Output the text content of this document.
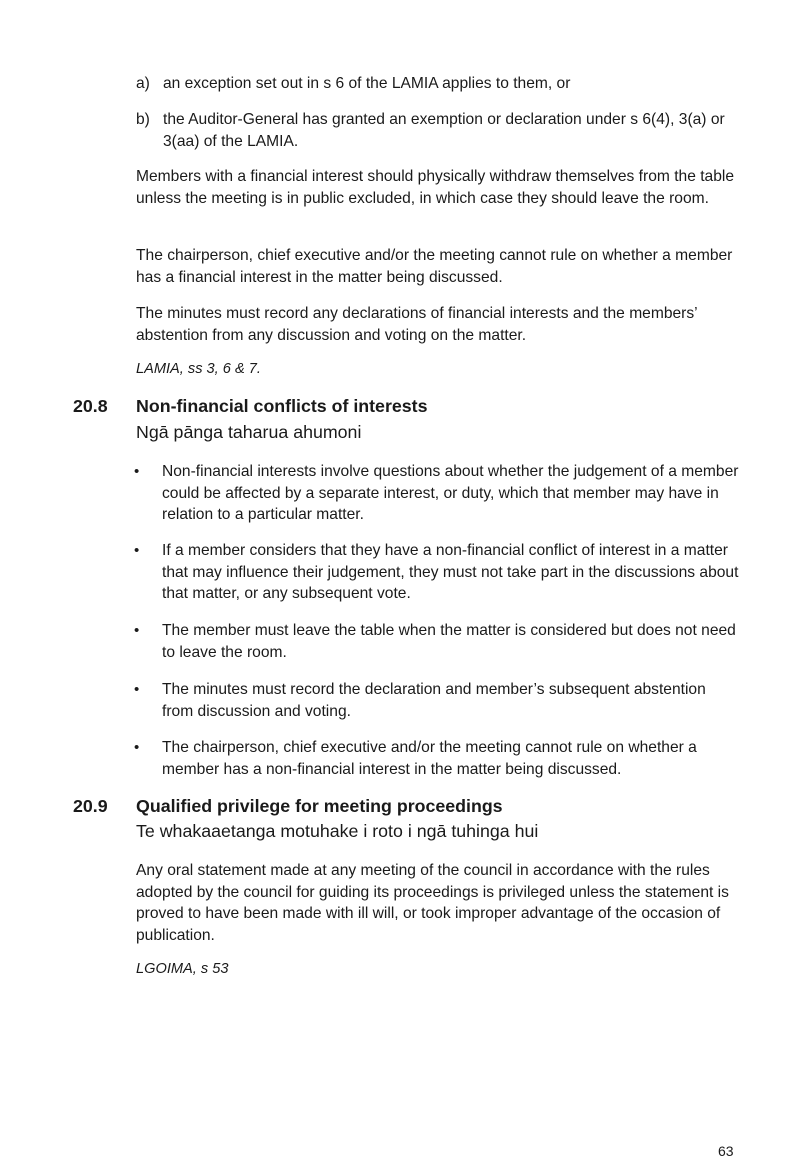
a) an exception set out in s 6 of the LAMIA applies to them, or
b) the Auditor-General has granted an exemption or declaration under s 6(4), 3(a) or 3(aa) of the LAMIA.

Members with a financial interest should physically withdraw themselves from the table unless the meeting is in public excluded, in which case they should leave the room.

The chairperson, chief executive and/or the meeting cannot rule on whether a member has a financial interest in the matter being discussed.

The minutes must record any declarations of financial interests and the members’ abstention from any discussion and voting on the matter.

LAMIA, ss 3, 6 & 7.
20.8 Non-financial conflicts of interests
Ngā pānga taharua ahumoni
• Non-financial interests involve questions about whether the judgement of a member could be affected by a separate interest, or duty, which that member may have in relation to a particular matter.
• If a member considers that they have a non-financial conflict of interest in a matter that may influence their judgement, they must not take part in the discussions about that matter, or any subsequent vote.
• The member must leave the table when the matter is considered but does not need to leave the room.
• The minutes must record the declaration and member’s subsequent abstention from discussion and voting.
• The chairperson, chief executive and/or the meeting cannot rule on whether a member has a non-financial interest in the matter being discussed.
20.9 Qualified privilege for meeting proceedings
Te whakaaetanga motuhake i roto i ngā tuhinga hui

Any oral statement made at any meeting of the council in accordance with the rules adopted by the council for guiding its proceedings is privileged unless the statement is proved to have been made with ill will, or took improper advantage of the occasion of publication.

LGOIMA, s 53
63
